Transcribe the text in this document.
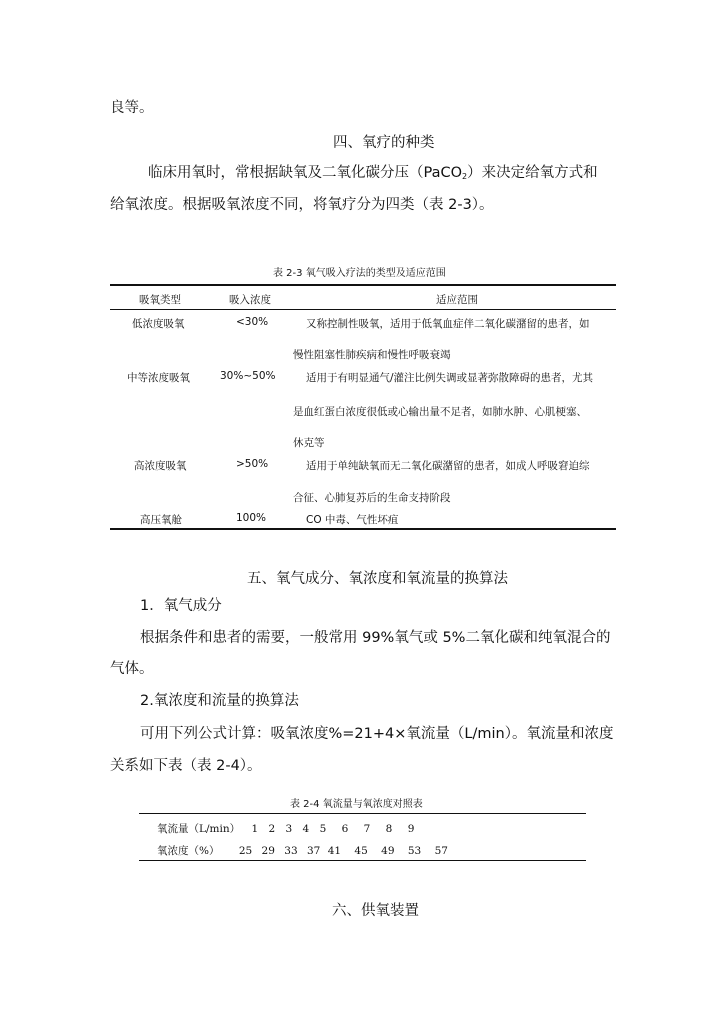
良等。
四、氧疗的种类
临床用氧时，常根据缺氧及二氧化碳分压（PaCO$_2$）来决定给氧方式和
给氧浓度。根据吸氧浓度不同，将氧疗分为四类（表 2-3）。
表 2-3 氧气吸入疗法的类型及适应范围
吸氧类型	吸入浓度	适应范围
低浓度吸氧	<30%	又称控制性吸氧，适用于低氧血症伴二氧化碳潴留的患者，如
慢性阻塞性肺疾病和慢性呼吸衰竭
中等浓度吸氧	30%~50%	适用于有明显通气/灌注比例失调或显著弥散障碍的患者，尤其
是血红蛋白浓度很低或心输出量不足者，如肺水肿、心肌梗塞、
休克等
高浓度吸氧	>50%	适用于单纯缺氧而无二氧化碳潴留的患者，如成人呼吸窘迫综
合征、心肺复苏后的生命支持阶段
高压氧舱	100%	CO 中毒、气性坏疽
五、氧气成分、氧浓度和氧流量的换算法
1．氧气成分
根据条件和患者的需要，一般常用 99%氧气或 5%二氧化碳和纯氧混合的
气体。
2.氧浓度和流量的换算法
可用下列公式计算：吸氧浓度%=21+4×氧流量（L/min）。氧流量和浓度
关系如下表（表 2-4）。
表 2-4 氧流量与氧浓度对照表
氧流量（L/min） 1 2 3 4 5 6 7 8 9
氧浓度（%） 25 29 33 37 41 45 49 53 57
六、供氧装置
